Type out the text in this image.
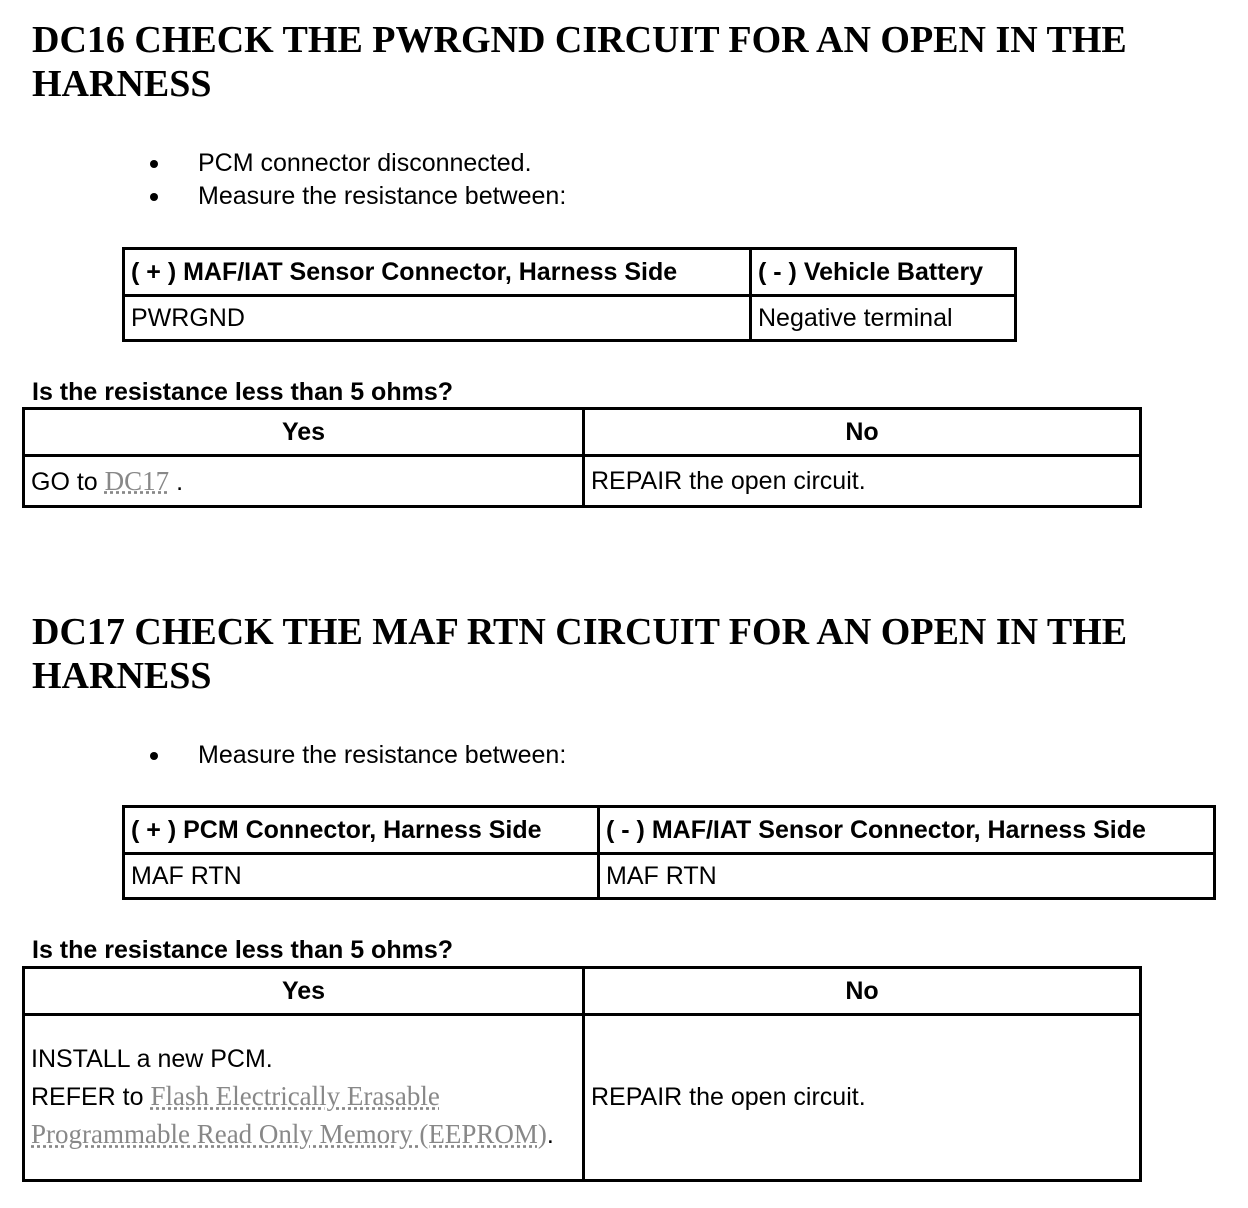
DC16 CHECK THE PWRGND CIRCUIT FOR AN OPEN IN THE HARNESS
PCM connector disconnected.
Measure the resistance between:
( + ) MAF/IAT Sensor Connector, Harness Side	( - ) Vehicle Battery
PWRGND	Negative terminal

Is the resistance less than 5 ohms?

Yes	No
GO to DC17 .	REPAIR the open circuit.
DC17 CHECK THE MAF RTN CIRCUIT FOR AN OPEN IN THE HARNESS
Measure the resistance between:
( + ) PCM Connector, Harness Side	( - ) MAF/IAT Sensor Connector, Harness Side
MAF RTN	MAF RTN

Is the resistance less than 5 ohms?

Yes	No
INSTALL a new PCM.
REFER to Flash Electrically Erasable Programmable Read Only Memory (EEPROM).	REPAIR the open circuit.
